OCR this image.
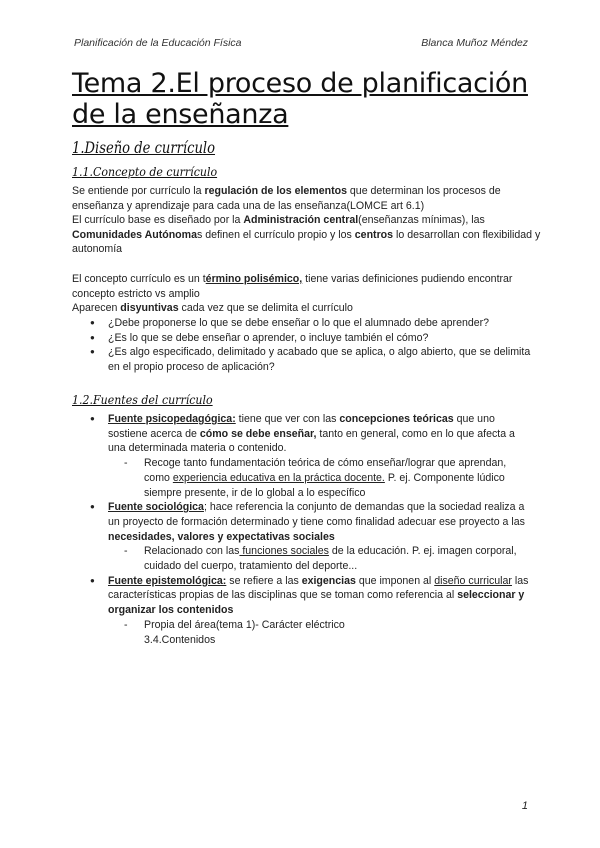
Planificación de la Educación Física	Blanca Muñoz Méndez
Tema 2.El proceso de planificación de la enseñanza
1.Diseño de currículo
1.1.Concepto de currículo
Se entiende por currículo la regulación de los elementos que determinan los procesos de enseñanza y aprendizaje para cada una de las enseñanza(LOMCE art 6.1)
El currículo base es diseñado por la Administración central(enseñanzas mínimas), las Comunidades Autónomas definen el currículo propio y los centros lo desarrollan con flexibilidad y autonomía
El concepto currículo es un término polisémico, tiene varias definiciones pudiendo encontrar concepto estricto vs amplio
Aparecen disyuntivas cada vez que se delimita el currículo
● ¿Debe proponerse lo que se debe enseñar o lo que el alumnado debe aprender?
● ¿Es lo que se debe enseñar o aprender, o incluye también el cómo?
● ¿Es algo especificado, delimitado y acabado que se aplica, o algo abierto, que se delimita en el propio proceso de aplicación?
1.2.Fuentes del currículo
● Fuente psicopedagógica: tiene que ver con las concepciones teóricas que uno sostiene acerca de cómo se debe enseñar, tanto en general, como en lo que afecta a una determinada materia o contenido.
- Recoge tanto fundamentación teórica de cómo enseñar/lograr que aprendan, como experiencia educativa en la práctica docente. P. ej. Componente lúdico siempre presente, ir de lo global a lo específico
● Fuente sociológica; hace referencia la conjunto de demandas que la sociedad realiza a un proyecto de formación determinado y tiene como finalidad adecuar ese proyecto a las necesidades, valores y expectativas sociales
- Relacionado con las funciones sociales de la educación. P. ej. imagen corporal, cuidado del cuerpo, tratamiento del deporte...
● Fuente epistemológica: se refiere a las exigencias que imponen al diseño curricular las características propias de las disciplinas que se toman como referencia al seleccionar y organizar los contenidos
- Propia del área(tema 1)- Carácter eléctrico
3.4.Contenidos
1
